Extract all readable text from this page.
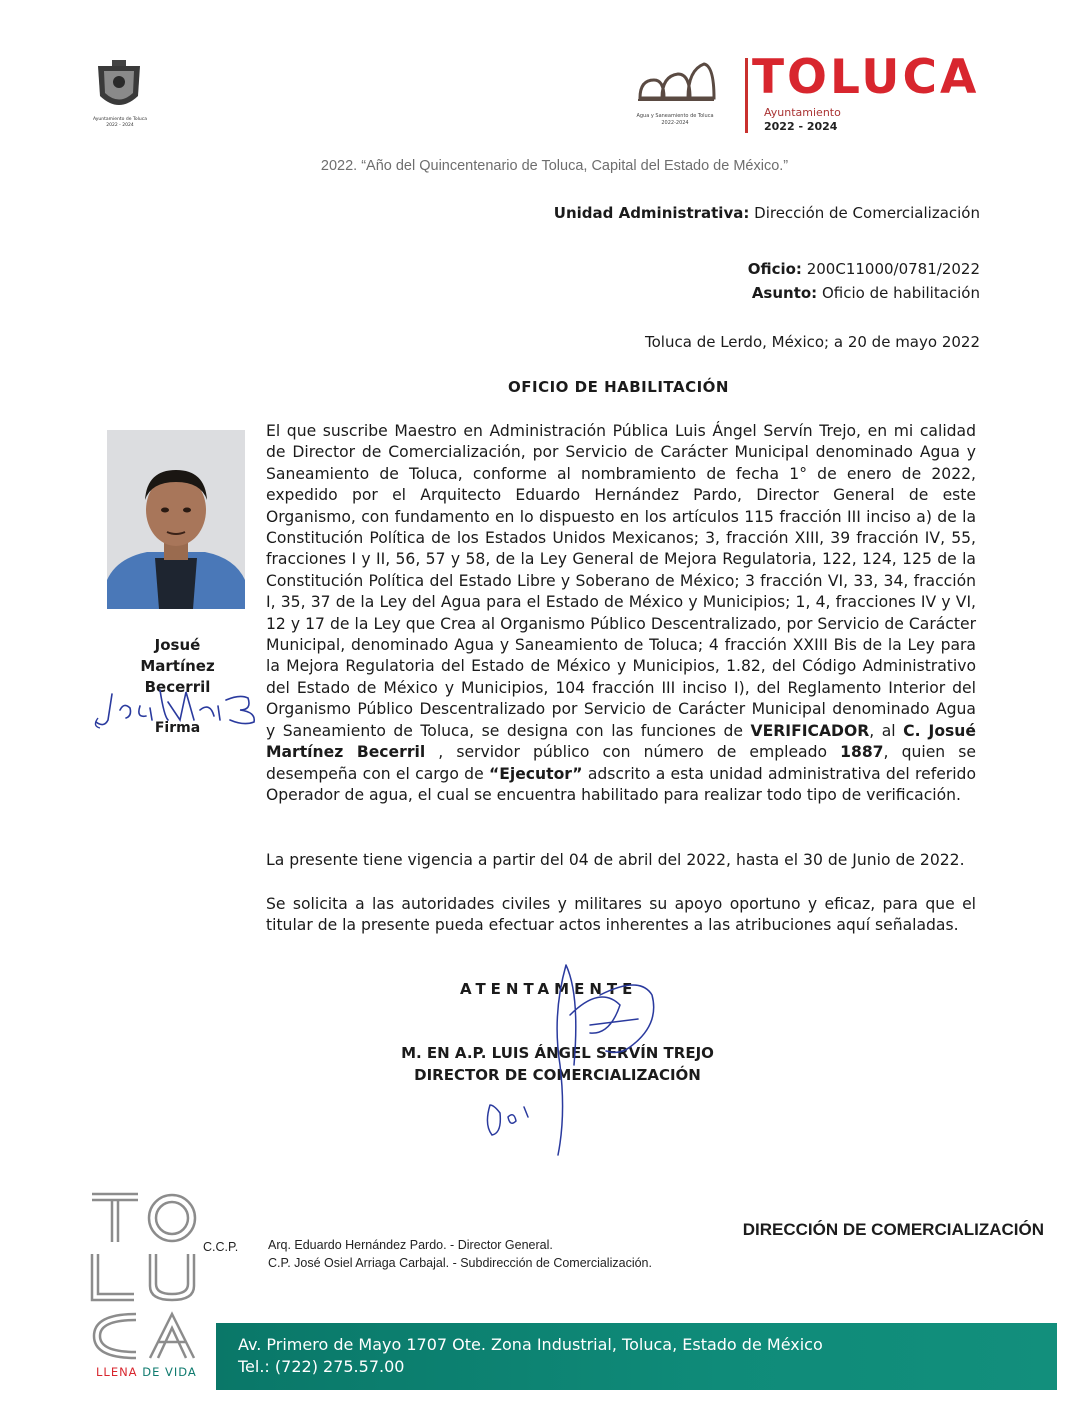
Ayuntamiento de Toluca
2022 - 2024
Agua y Saneamiento de Toluca
2022-2024
TOLUCA
Ayuntamiento
2022 - 2024
2022. “Año del Quincentenario de Toluca, Capital del Estado de México.”
Unidad Administrativa: Dirección de Comercialización
Oficio: 200C11000/0781/2022
Asunto: Oficio de habilitación
Toluca de Lerdo, México; a 20 de mayo 2022
OFICIO DE HABILITACIÓN
Josué
Martínez
Becerril
Firma
El que suscribe Maestro en Administración Pública Luis Ángel Servín Trejo, en mi calidad de Director de Comercialización, por Servicio de Carácter Municipal denominado Agua y Saneamiento de Toluca, conforme al nombramiento de fecha 1° de enero de 2022, expedido por el Arquitecto Eduardo Hernández Pardo, Director General de este Organismo, con fundamento en lo dispuesto en los artículos 115 fracción III inciso a) de la Constitución Política de los Estados Unidos Mexicanos; 3, fracción XIII, 39 fracción IV, 55, fracciones I y II, 56, 57 y 58, de la Ley General de Mejora Regulatoria, 122, 124, 125 de la Constitución Política del Estado Libre y Soberano de México; 3 fracción VI, 33, 34, fracción I, 35, 37 de la Ley del Agua para el Estado de México y Municipios; 1, 4, fracciones IV y VI, 12 y 17 de la Ley que Crea al Organismo Público Descentralizado, por Servicio de Carácter Municipal, denominado Agua y Saneamiento de Toluca; 4 fracción XXIII Bis de la Ley para la Mejora Regulatoria del Estado de México y Municipios, 1.82, del Código Administrativo del Estado de México y Municipios, 104 fracción III inciso I), del Reglamento Interior del Organismo Público Descentralizado por Servicio de Carácter Municipal denominado Agua y Saneamiento de Toluca, se designa con las funciones de VERIFICADOR, al C. Josué Martínez Becerril , servidor público con número de empleado 1887, quien se desempeña con el cargo de “Ejecutor” adscrito a esta unidad administrativa del referido Operador de agua, el cual se encuentra habilitado para realizar todo tipo de verificación.
La presente tiene vigencia a partir del 04 de abril del 2022, hasta el 30 de Junio de 2022.
Se solicita a las autoridades civiles y militares su apoyo oportuno y eficaz, para que el titular de la presente pueda efectuar actos inherentes a las atribuciones aquí señaladas.
ATENTAMENTE
M. EN A.P. LUIS ÁNGEL SERVÍN TREJO
DIRECTOR DE COMERCIALIZACIÓN
LLENA DE VIDA
C.C.P. Arq. Eduardo Hernández Pardo. - Director General.
C.P. José Osiel Arriaga Carbajal. - Subdirección de Comercialización.
DIRECCIÓN DE COMERCIALIZACIÓN
Av. Primero de Mayo 1707 Ote. Zona Industrial, Toluca, Estado de México
Tel.: (722) 275.57.00
